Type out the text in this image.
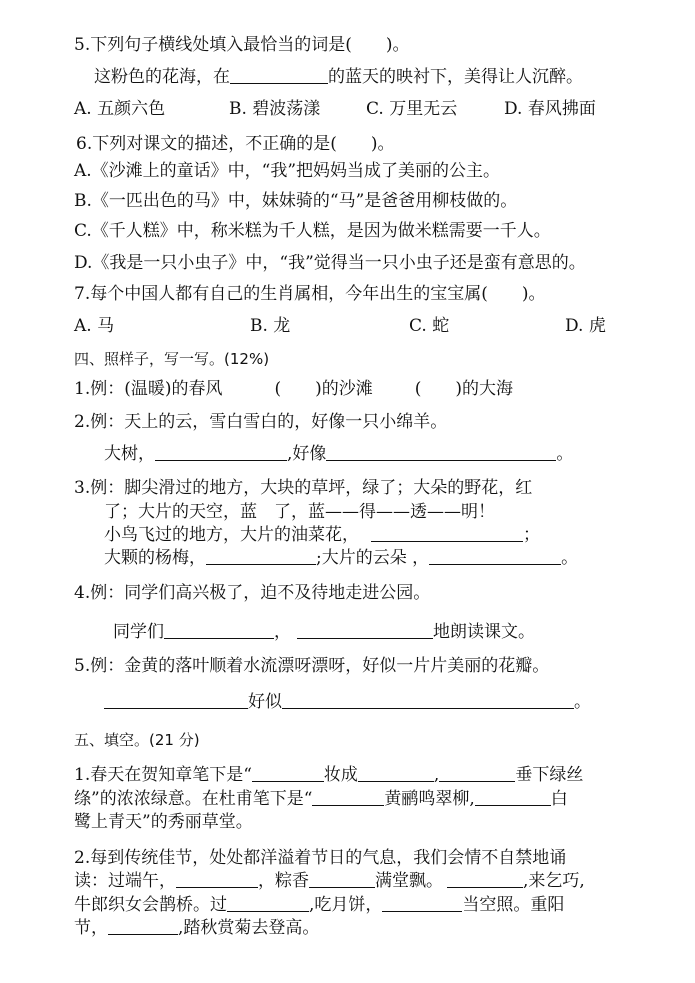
5.下列句子横线处填入最恰当的词是(　　)。
这粉色的花海，在	的蓝天的映衬下，美得让人沉醉。
A. 五颜六色	B. 碧波荡漾	C. 万里无云	D. 春风拂面
6.下列对课文的描述，不正确的是(　　)。
A.《沙滩上的童话》中，“我”把妈妈当成了美丽的公主。
B.《一匹出色的马》中，妹妹骑的“马”是爸爸用柳枝做的。
C.《千人糕》中，称米糕为千人糕，是因为做米糕需要一千人。
D.《我是一只小虫子》中，“我”觉得当一只小虫子还是蛮有意思的。
7.每个中国人都有自己的生肖属相，今年出生的宝宝属(　　)。
A. 马	B. 龙	C. 蛇	D. 虎
四、照样子，写一写。(12%)
1.例：(温暖)的春风	(　　)的沙滩 (　　)的大海
2.例：天上的云，雪白雪白的，好像一只小绵羊。
大树，	,好像	。
3.例：脚尖滑过的地方，大块的草坪，绿了；大朵的野花，红
了；大片的天空，蓝　了，蓝——得——透——明！
小鸟飞过的地方，大片的油菜花，	；
大颗的杨梅，	;大片的云朵 ，	。
4.例：同学们高兴极了，迫不及待地走进公园。
同学们	，	地朗读课文。
5.例：金黄的落叶顺着水流漂呀漂呀，好似一片片美丽的花瓣。
好似	。
五、填空。(21 分)
1.春天在贺知章笔下是“	妆成	,	垂下绿丝
绦”的浓浓绿意。在杜甫笔下是“	黄鹂鸣翠柳,	白
鹭上青天”的秀丽草堂。
2.每到传统佳节，处处都洋溢着节日的气息，我们会情不自禁地诵
读：过端午，	，粽香	满堂飘。	,来乞巧,
牛郎织女会鹊桥。过	,吃月饼，	当空照。重阳
节，	,踏秋赏菊去登高。
